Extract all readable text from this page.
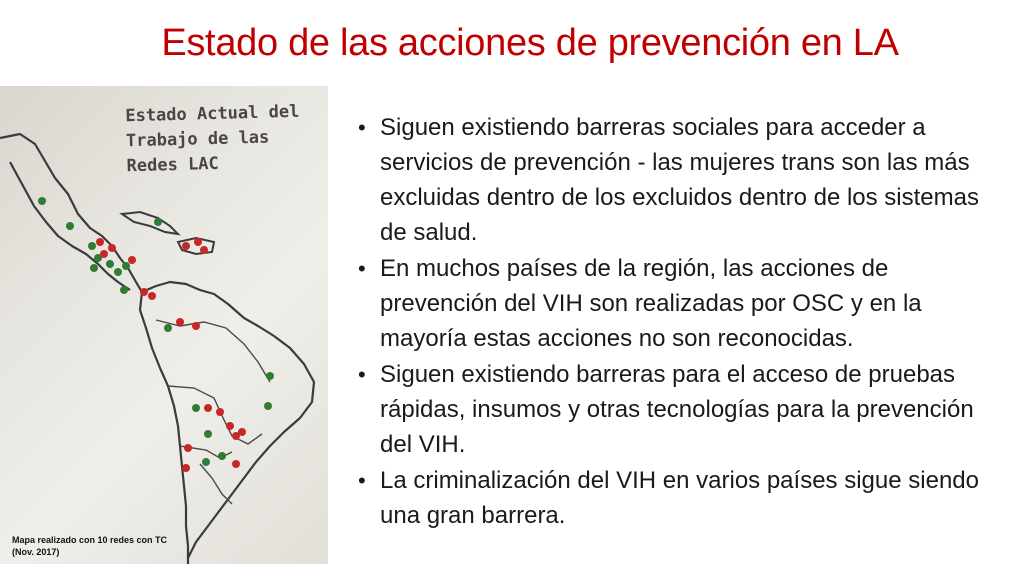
Estado de las acciones de prevención en LA

Estado Actual del
Trabajo de las
Redes LAC

Mapa realizado con 10 redes con TC
(Nov. 2017)
• Siguen existiendo barreras sociales para acceder a servicios de prevención - las mujeres trans son las más excluidas dentro de los excluidos dentro de los sistemas de salud.
• En muchos países de la región, las acciones de prevención del VIH son realizadas por OSC y en la mayoría estas acciones no son reconocidas.
• Siguen existiendo barreras para el acceso de pruebas rápidas, insumos y otras tecnologías para la prevención del VIH.
• La criminalización del VIH en varios países sigue siendo una gran barrera.
